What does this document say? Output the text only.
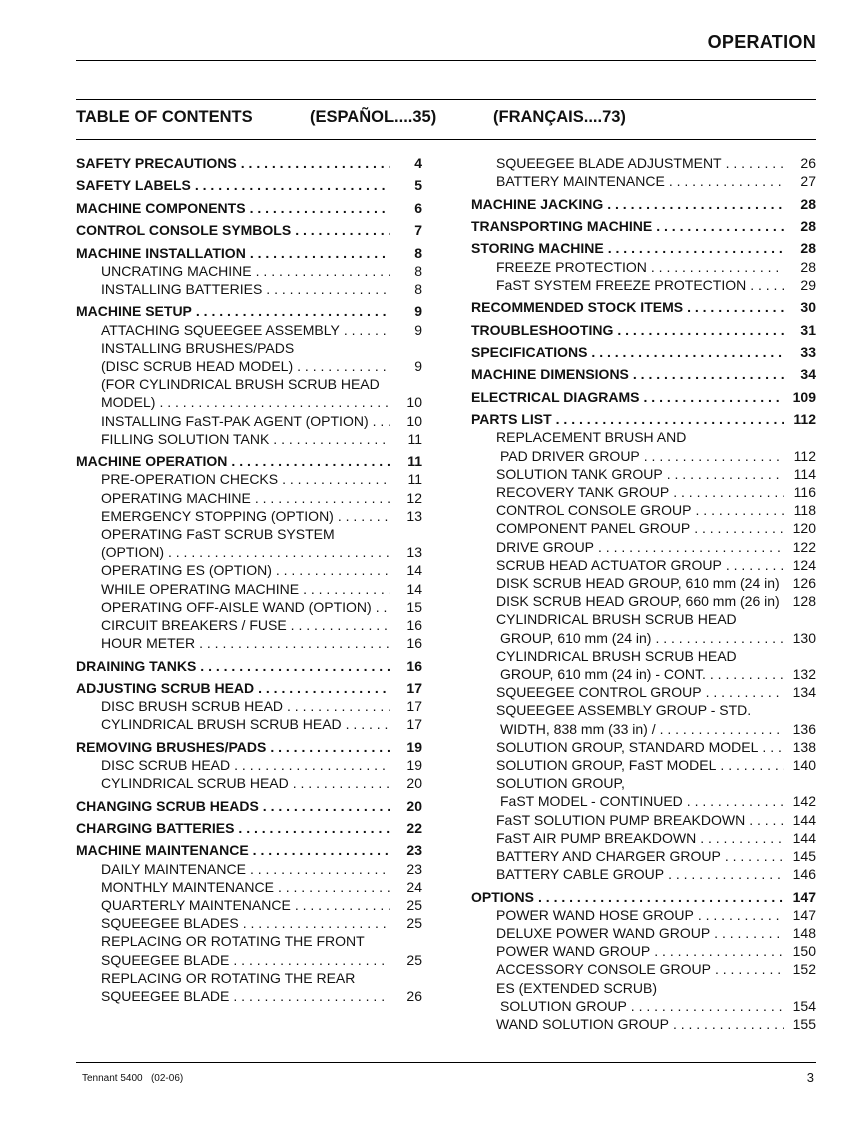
OPERATION
TABLE OF CONTENTS	(ESPAÑOL....35)	(FRANÇAIS....73)
SAFETY PRECAUTIONS . . .	4
SAFETY LABELS . . .	5
MACHINE COMPONENTS . . .	6
CONTROL CONSOLE SYMBOLS . . .	7
MACHINE INSTALLATION . . .	8
UNCRATING MACHINE . . .	8
INSTALLING BATTERIES . . .	8
MACHINE SETUP . . .	9
ATTACHING SQUEEGEE ASSEMBLY . . .	9
INSTALLING BRUSHES/PADS
(DISC SCRUB HEAD MODEL) . . .	9
(FOR CYLINDRICAL BRUSH SCRUB HEAD
MODEL) . . .	10
INSTALLING FaST-PAK AGENT (OPTION) . . .	10
FILLING SOLUTION TANK . . .	11
MACHINE OPERATION . . .	11
PRE-OPERATION CHECKS . . .	11
OPERATING MACHINE . . .	12
EMERGENCY STOPPING (OPTION) . . .	13
OPERATING FaST SCRUB SYSTEM
(OPTION) . . .	13
OPERATING ES (OPTION) . . .	14
WHILE OPERATING MACHINE . . .	14
OPERATING OFF-AISLE WAND (OPTION) . . .	15
CIRCUIT BREAKERS / FUSE . . .	16
HOUR METER . . .	16
DRAINING TANKS . . .	16
ADJUSTING SCRUB HEAD . . .	17
DISC BRUSH SCRUB HEAD . . .	17
CYLINDRICAL BRUSH SCRUB HEAD . . .	17
REMOVING BRUSHES/PADS . . .	19
DISC SCRUB HEAD . . .	19
CYLINDRICAL SCRUB HEAD . . .	20
CHANGING SCRUB HEADS . . .	20
CHARGING BATTERIES . . .	22
MACHINE MAINTENANCE . . .	23
DAILY MAINTENANCE . . .	23
MONTHLY MAINTENANCE . . .	24
QUARTERLY MAINTENANCE . . .	25
SQUEEGEE BLADES . . .	25
REPLACING OR ROTATING THE FRONT
SQUEEGEE BLADE . . .	25
REPLACING OR ROTATING THE REAR
SQUEEGEE BLADE . . .	26
SQUEEGEE BLADE ADJUSTMENT . . .	26
BATTERY MAINTENANCE . . .	27
MACHINE JACKING . . .	28
TRANSPORTING MACHINE . . .	28
STORING MACHINE . . .	28
FREEZE PROTECTION . . .	28
FaST SYSTEM FREEZE PROTECTION . . .	29
RECOMMENDED STOCK ITEMS . . .	30
TROUBLESHOOTING . . .	31
SPECIFICATIONS . . .	33
MACHINE DIMENSIONS . . .	34
ELECTRICAL DIAGRAMS . . .	109
PARTS LIST . . .	112
REPLACEMENT BRUSH AND
PAD DRIVER GROUP . . .	112
SOLUTION TANK GROUP . . .	114
RECOVERY TANK GROUP . . .	116
CONTROL CONSOLE GROUP . . .	118
COMPONENT PANEL GROUP . . .	120
DRIVE GROUP . . .	122
SCRUB HEAD ACTUATOR GROUP . . .	124
DISK SCRUB HEAD GROUP, 610 mm (24 in) . . . 126
DISK SCRUB HEAD GROUP, 660 mm (26 in) . . . 128
CYLINDRICAL BRUSH SCRUB HEAD
GROUP, 610 mm (24 in) . . .	130
CYLINDRICAL BRUSH SCRUB HEAD
GROUP, 610 mm (24 in) - CONT. . . .	132
SQUEEGEE CONTROL GROUP . . .	134
SQUEEGEE ASSEMBLY GROUP - STD.
WIDTH, 838 mm (33 in) / . . .	136
SOLUTION GROUP, STANDARD MODEL . . .	138
SOLUTION GROUP, FaST MODEL . . .	140
SOLUTION GROUP,
FaST MODEL - CONTINUED . . .	142
FaST SOLUTION PUMP BREAKDOWN . . .	144
FaST AIR PUMP BREAKDOWN . . .	144
BATTERY AND CHARGER GROUP . . .	145
BATTERY CABLE GROUP . . .	146
OPTIONS . . .	147
POWER WAND HOSE GROUP . . .	147
DELUXE POWER WAND GROUP . . .	148
POWER WAND GROUP . . .	150
ACCESSORY CONSOLE GROUP . . .	152
ES (EXTENDED SCRUB)
SOLUTION GROUP . . .	154
WAND SOLUTION GROUP . . .	155
Tennant 5400 (02-06)	3
